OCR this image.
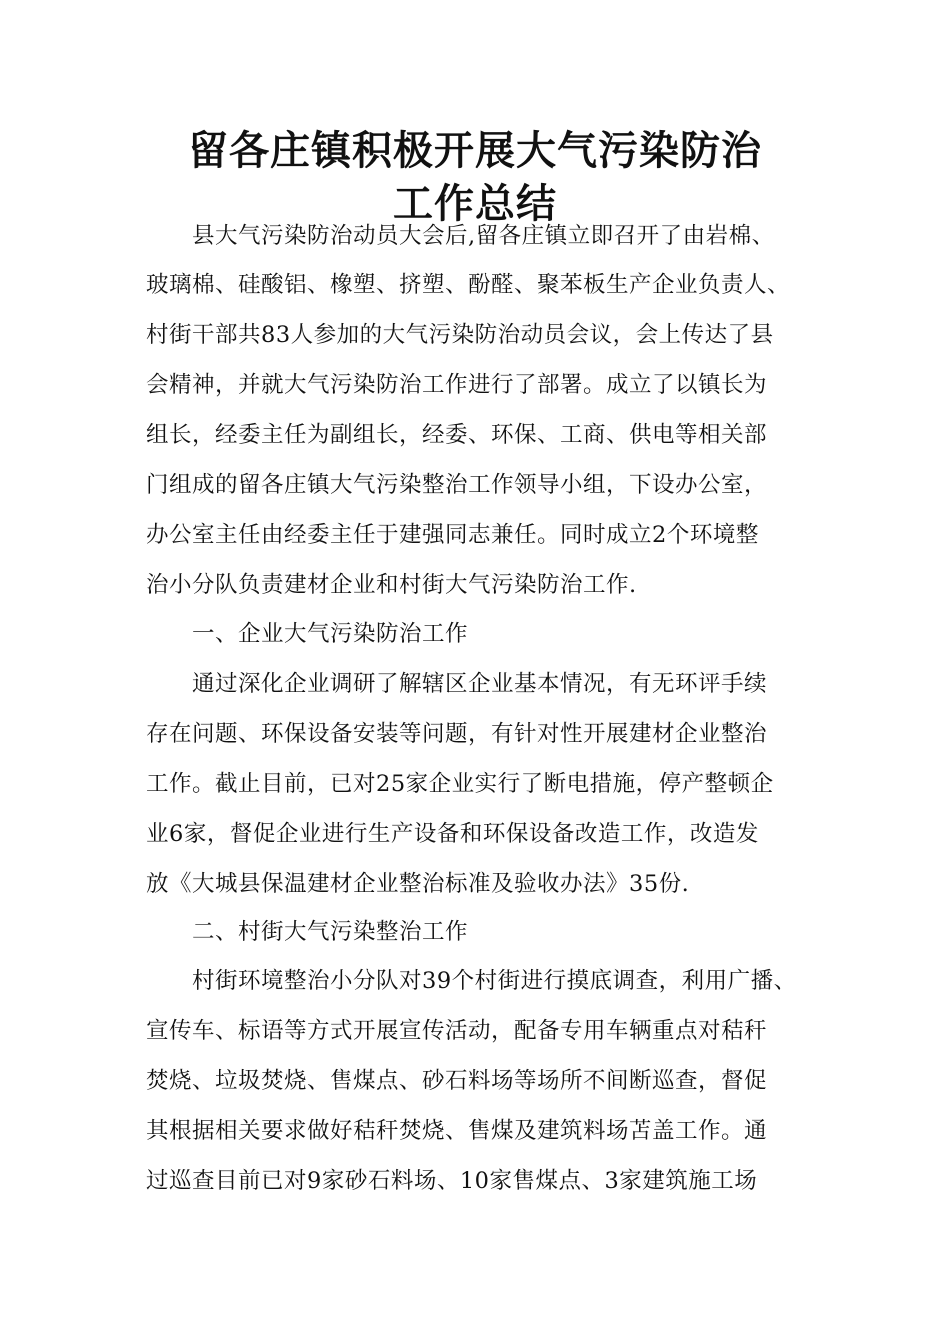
留各庄镇积极开展大气污染防治
工作总结
县大气污染防治动员大会后,留各庄镇立即召开了由岩棉、
玻璃棉、硅酸铝、橡塑、挤塑、酚醛、聚苯板生产企业负责人、
村街干部共83人参加的大气污染防治动员会议，会上传达了县
会精神，并就大气污染防治工作进行了部署。成立了以镇长为
组长，经委主任为副组长，经委、环保、工商、供电等相关部
门组成的留各庄镇大气污染整治工作领导小组，下设办公室，
办公室主任由经委主任于建强同志兼任。同时成立2个环境整
治小分队负责建材企业和村街大气污染防治工作.
一、企业大气污染防治工作
通过深化企业调研了解辖区企业基本情况，有无环评手续
存在问题、环保设备安装等问题，有针对性开展建材企业整治
工作。截止目前，已对25家企业实行了断电措施，停产整顿企
业6家，督促企业进行生产设备和环保设备改造工作，改造发
放《大城县保温建材企业整治标准及验收办法》35份.
二、村街大气污染整治工作
村街环境整治小分队对39个村街进行摸底调查，利用广播、
宣传车、标语等方式开展宣传活动，配备专用车辆重点对秸秆
焚烧、垃圾焚烧、售煤点、砂石料场等场所不间断巡查，督促
其根据相关要求做好秸秆焚烧、售煤及建筑料场苫盖工作。通
过巡查目前已对9家砂石料场、10家售煤点、3家建筑施工场
